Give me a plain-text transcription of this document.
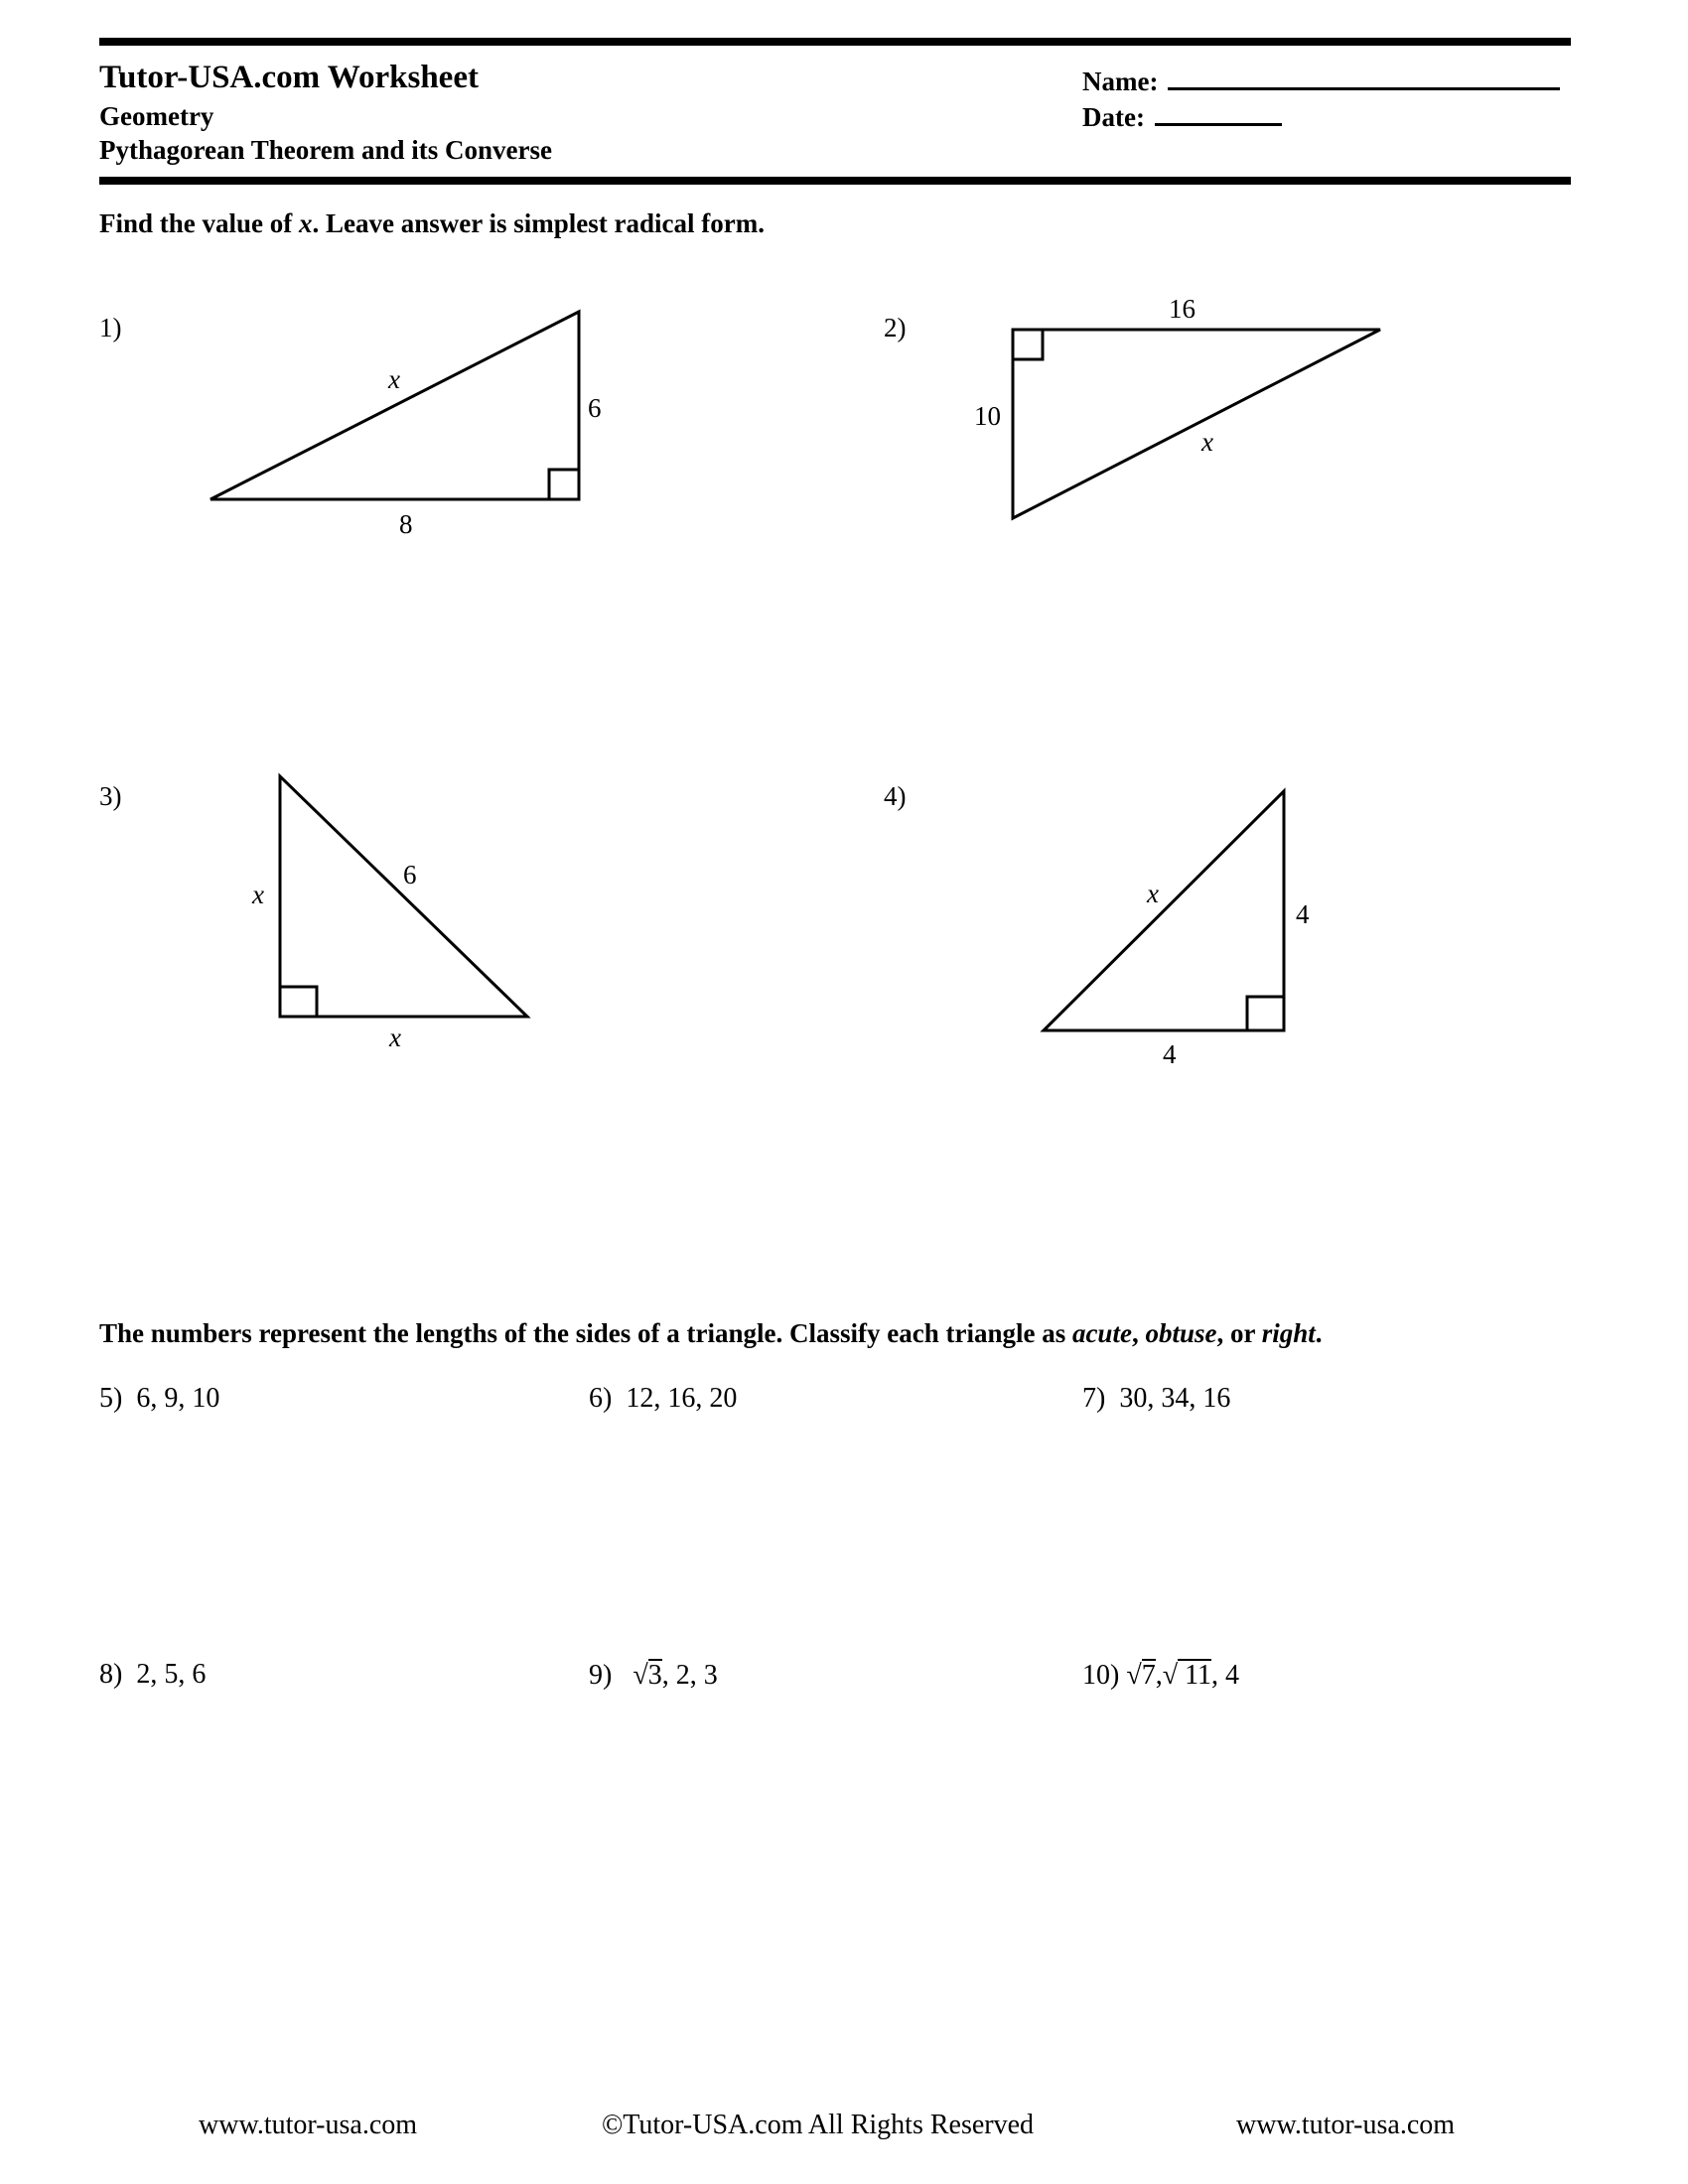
Tutor-USA.com Worksheet
Geometry
Pythagorean Theorem and its Converse
Name:
Date:
Find the value of x. Leave answer is simplest radical form.
1)	2)
3)	4)
x
6
8
16
10
x
x
6
x
x
4
4
The numbers represent the lengths of the sides of a triangle. Classify each triangle as acute, obtuse, or right.
5) 6, 9, 10	6) 12, 16, 20	7) 30, 34, 16
8) 2, 5, 6	9) √3, 2, 3	10) √7,√ 11, 4
www.tutor-usa.com	©Tutor-USA.com All Rights Reserved	www.tutor-usa.com
